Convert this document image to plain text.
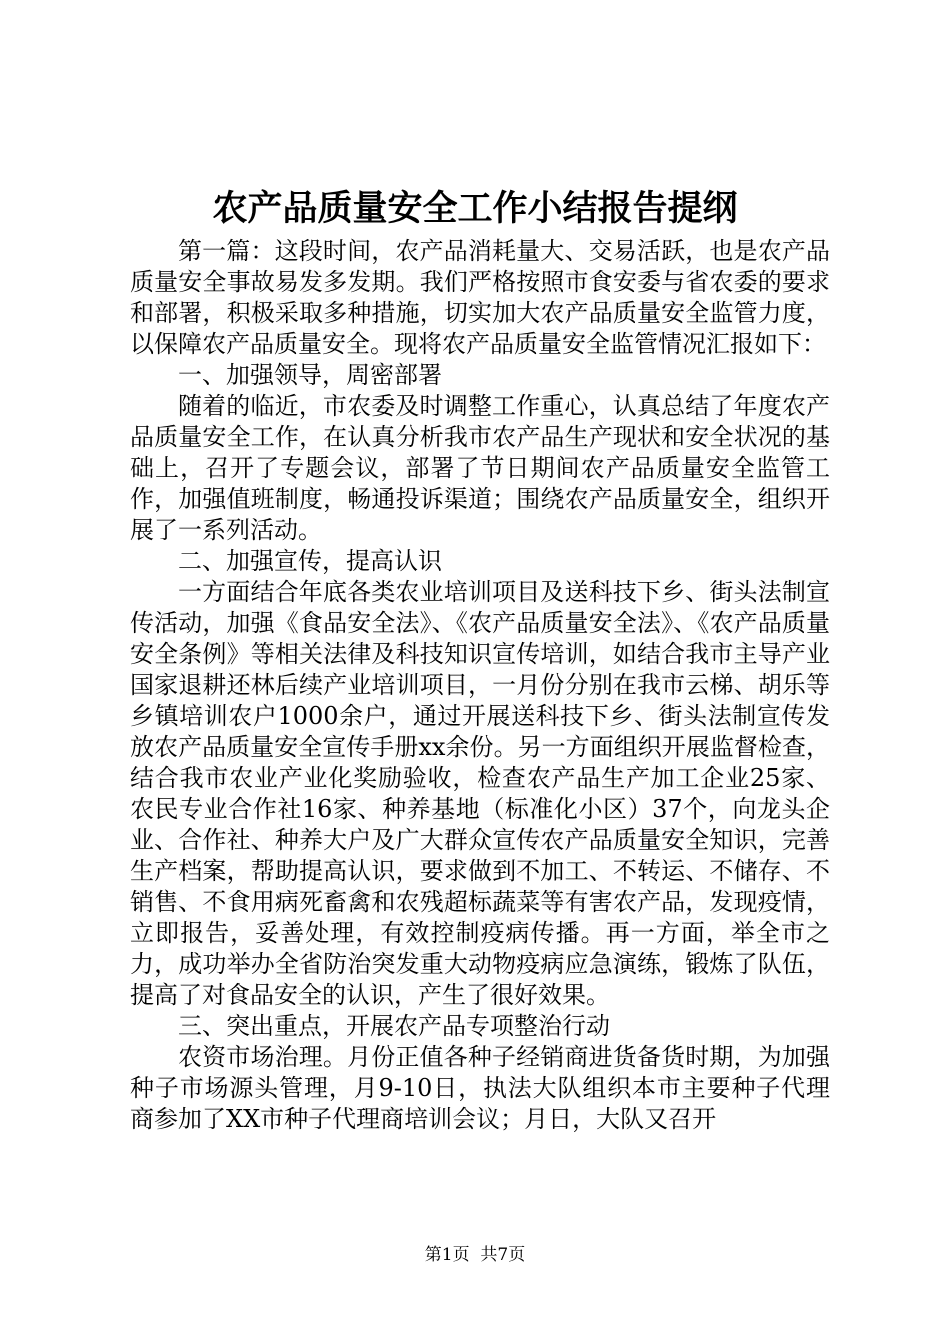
农产品质量安全工作小结报告提纲

第一篇：这段时间，农产品消耗量大、交易活跃，也是农产品质量安全事故易发多发期。我们严格按照市食安委与省农委的要求和部署，积极采取多种措施，切实加大农产品质量安全监管力度，以保障农产品质量安全。现将农产品质量安全监管情况汇报如下：

一、加强领导，周密部署

随着的临近，市农委及时调整工作重心，认真总结了年度农产品质量安全工作，在认真分析我市农产品生产现状和安全状况的基础上，召开了专题会议，部署了节日期间农产品质量安全监管工作，加强值班制度，畅通投诉渠道；围绕农产品质量安全，组织开展了一系列活动。

二、加强宣传，提高认识

一方面结合年底各类农业培训项目及送科技下乡、街头法制宣传活动，加强《食品安全法》、《农产品质量安全法》、《农产品质量安全条例》等相关法律及科技知识宣传培训，如结合我市主导产业国家退耕还林后续产业培训项目，一月份分别在我市云梯、胡乐等乡镇培训农户1000余户，通过开展送科技下乡、街头法制宣传发放农产品质量安全宣传手册xx余份。另一方面组织开展监督检查，结合我市农业产业化奖励验收，检查农产品生产加工企业25家、农民专业合作社16家、种养基地（标准化小区）37个，向龙头企业、合作社、种养大户及广大群众宣传农产品质量安全知识，完善生产档案，帮助提高认识，要求做到不加工、不转运、不储存、不销售、不食用病死畜禽和农残超标蔬菜等有害农产品，发现疫情，立即报告，妥善处理，有效控制疫病传播。再一方面，举全市之力，成功举办全省防治突发重大动物疫病应急演练，锻炼了队伍，提高了对食品安全的认识，产生了很好效果。

三、突出重点，开展农产品专项整治行动

农资市场治理。月份正值各种子经销商进货备货时期，为加强种子市场源头管理，月9-10日，执法大队组织本市主要种子代理商参加了XX市种子代理商培训会议；月日，大队又召开

第1页  共7页
